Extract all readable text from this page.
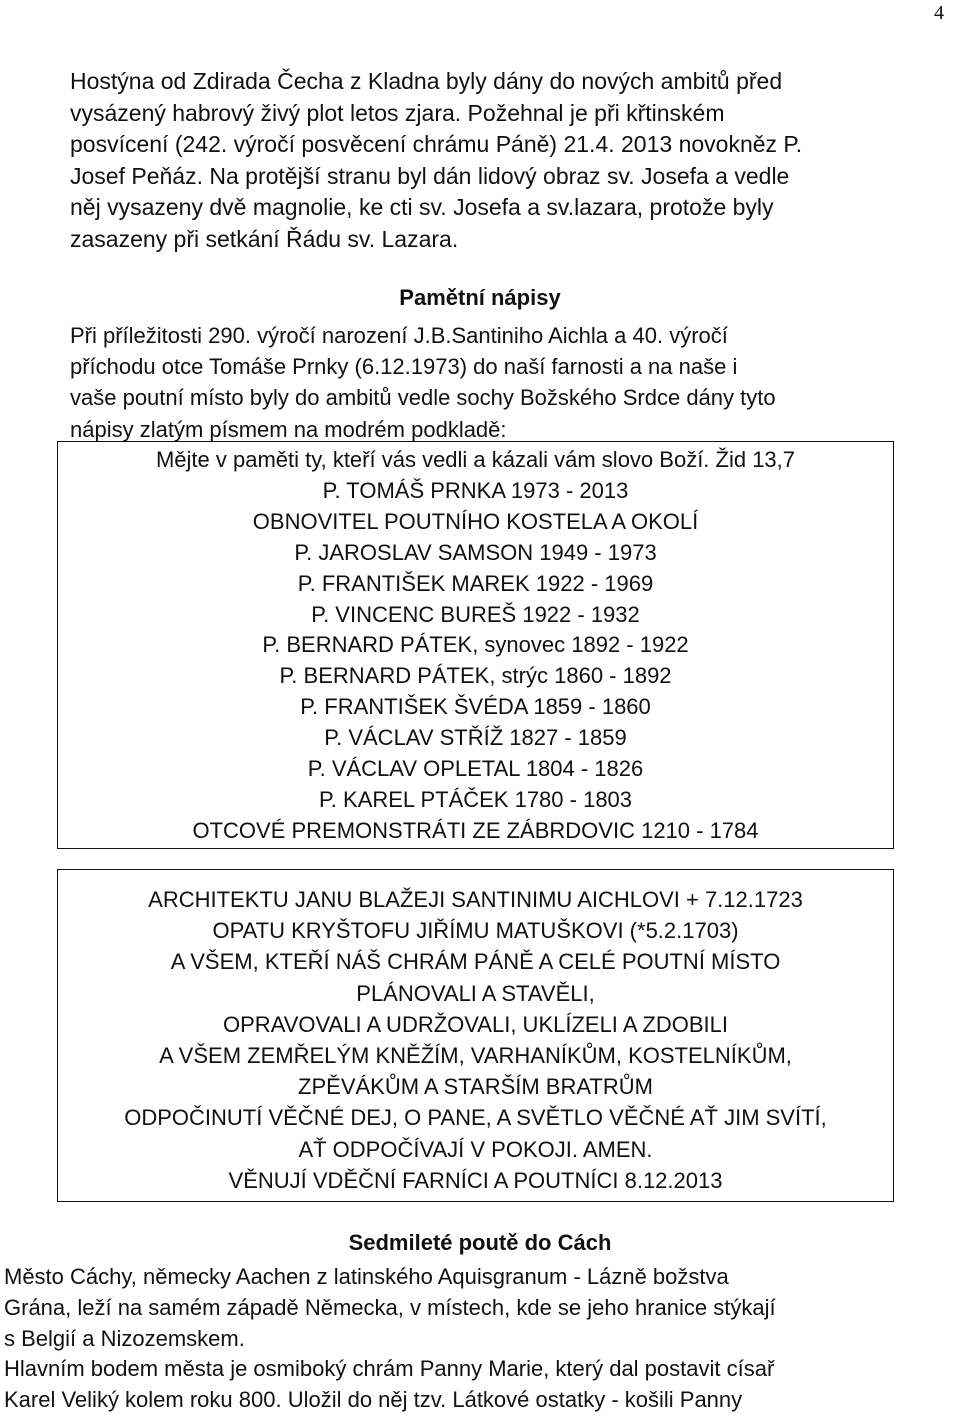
4
Hostýna od Zdirada Čecha z Kladna byly dány do nových ambitů před
vysázený habrový živý plot letos zjara. Požehnal je při křtinském
posvícení (242. výročí posvěcení chrámu Páně) 21.4. 2013 novokněz P.
Josef Peňáz. Na protější stranu byl dán lidový obraz sv. Josefa a vedle
něj vysazeny dvě magnolie, ke cti sv. Josefa a sv.lazara, protože byly
zasazeny při setkání Řádu sv. Lazara.
Pamětní nápisy
Při příležitosti 290. výročí narození J.B.Santiniho Aichla a 40. výročí
příchodu otce Tomáše Prnky (6.12.1973) do naší farnosti a na naše i
vaše poutní místo byly do ambitů vedle sochy Božského Srdce dány tyto
nápisy zlatým písmem na modrém podkladě:
Mějte v paměti ty, kteří vás vedli a kázali vám slovo Boží. Žid 13,7
P. TOMÁŠ PRNKA 1973 - 2013
OBNOVITEL POUTNÍHO KOSTELA A OKOLÍ
P. JAROSLAV SAMSON 1949 - 1973
P. FRANTIŠEK MAREK 1922 - 1969
P. VINCENC BUREŠ 1922 - 1932
P. BERNARD PÁTEK, synovec 1892 - 1922
P. BERNARD PÁTEK, strýc 1860 - 1892
P. FRANTIŠEK ŠVÉDA 1859 - 1860
P. VÁCLAV STŘÍŽ 1827 - 1859
P. VÁCLAV OPLETAL 1804 - 1826
P. KAREL PTÁČEK 1780 - 1803
OTCOVÉ PREMONSTRÁTI ZE ZÁBRDOVIC 1210 - 1784
ARCHITEKTU JANU BLAŽEJI SANTINIMU AICHLOVI + 7.12.1723
OPATU KRYŠTOFU JIŘÍMU MATUŠKOVI (*5.2.1703)
A VŠEM, KTEŘÍ NÁŠ CHRÁM PÁNĚ A CELÉ POUTNÍ MÍSTO
PLÁNOVALI A STAVĚLI,
OPRAVOVALI A UDRŽOVALI, UKLÍZELI A ZDOBILI
A VŠEM ZEMŘELÝM KNĚŽÍM, VARHANÍKŮM, KOSTELNÍKŮM,
ZPĚVÁKŮM A STARŠÍM BRATRŮM
ODPOČINUTÍ VĚČNÉ DEJ, O PANE, A SVĚTLO VĚČNÉ AŤ JIM SVÍTÍ,
AŤ ODPOČÍVAJÍ V POKOJI. AMEN.
VĚNUJÍ VDĚČNÍ FARNÍCI A POUTNÍCI 8.12.2013
Sedmileté poutě do Cách
Město Cáchy, německy Aachen z latinského Aquisgranum - Lázně božstva
Grána, leží na samém západě Německa, v místech, kde se jeho hranice stýkají
s Belgií a Nizozemskem.
Hlavním bodem města je osmiboký chrám Panny Marie, který dal postavit císař
Karel Veliký kolem roku 800. Uložil do něj tzv. Látkové ostatky - košili Panny
